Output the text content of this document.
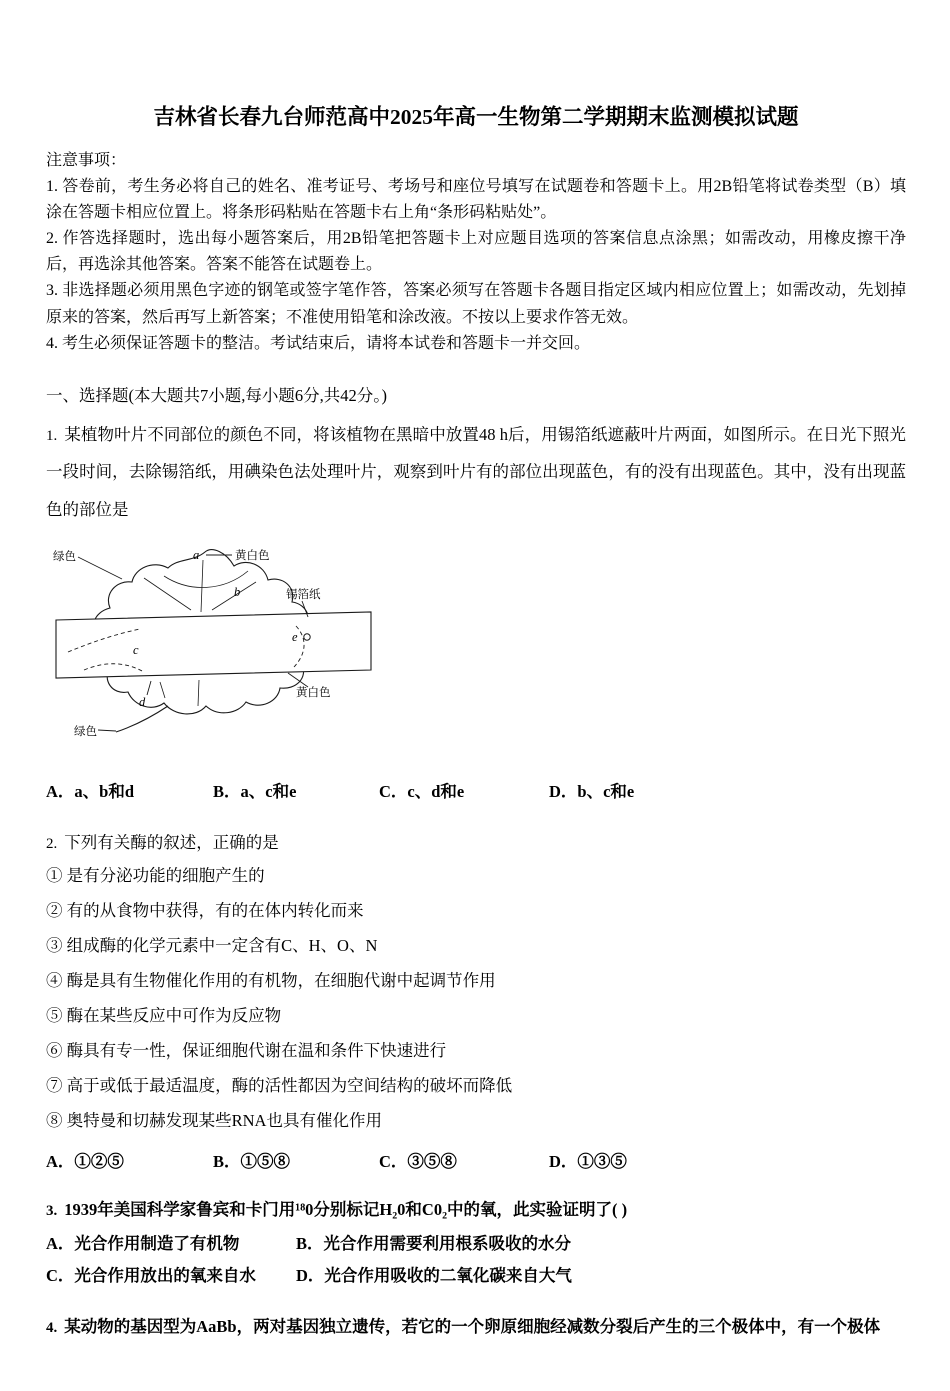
吉林省长春九台师范高中2025年高一生物第二学期期末监测模拟试题
注意事项：

1. 答卷前，考生务必将自己的姓名、准考证号、考场号和座位号填写在试题卷和答题卡上。用2B铅笔将试卷类型（B）填涂在答题卡相应位置上。将条形码粘贴在答题卡右上角“条形码粘贴处”。

2. 作答选择题时，选出每小题答案后，用2B铅笔把答题卡上对应题目选项的答案信息点涂黑；如需改动，用橡皮擦干净后，再选涂其他答案。答案不能答在试题卷上。

3. 非选择题必须用黑色字迹的钢笔或签字笔作答，答案必须写在答题卡各题目指定区域内相应位置上；如需改动，先划掉原来的答案，然后再写上新答案；不准使用铅笔和涂改液。不按以上要求作答无效。

4. 考生必须保证答题卡的整洁。考试结束后，请将本试卷和答题卡一并交回。

一、选择题(本大题共7小题,每小题6分,共42分。)

1. 某植物叶片不同部位的颜色不同，将该植物在黑暗中放置48 h后，用锡箔纸遮蔽叶片两面，如图所示。在日光下照光一段时间，去除锡箔纸，用碘染色法处理叶片，观察到叶片有的部位出现蓝色，有的没有出现蓝色。其中，没有出现蓝色的部位是

绿色	a	黄白色
锡箔纸
b
c
d
e
黄白色
绿色
A．a、b和d	B．a、c和e	C．c、d和e	D．b、c和e

2. 下列有关酶的叙述，正确的是

① 是有分泌功能的细胞产生的

② 有的从食物中获得，有的在体内转化而来

③ 组成酶的化学元素中一定含有C、H、O、N

④ 酶是具有生物催化作用的有机物，在细胞代谢中起调节作用

⑤ 酶在某些反应中可作为反应物

⑥ 酶具有专一性，保证细胞代谢在温和条件下快速进行

⑦ 高于或低于最适温度，酶的活性都因为空间结构的破坏而降低

⑧ 奥特曼和切赫发现某些RNA也具有催化作用

A．①②⑤	B．①⑤⑧	C．③⑤⑧	D．①③⑤

3. 1939年美国科学家鲁宾和卡门用¹⁸0分别标记H₂0和C0₂中的氧，此实验证明了( )

A．光合作用制造了有机物	B．光合作用需要利用根系吸收的水分
C．光合作用放出的氧来自水	D．光合作用吸收的二氧化碳来自大气

4. 某动物的基因型为AaBb，两对基因独立遗传，若它的一个卵原细胞经减数分裂后产生的三个极体中，有一个极体
